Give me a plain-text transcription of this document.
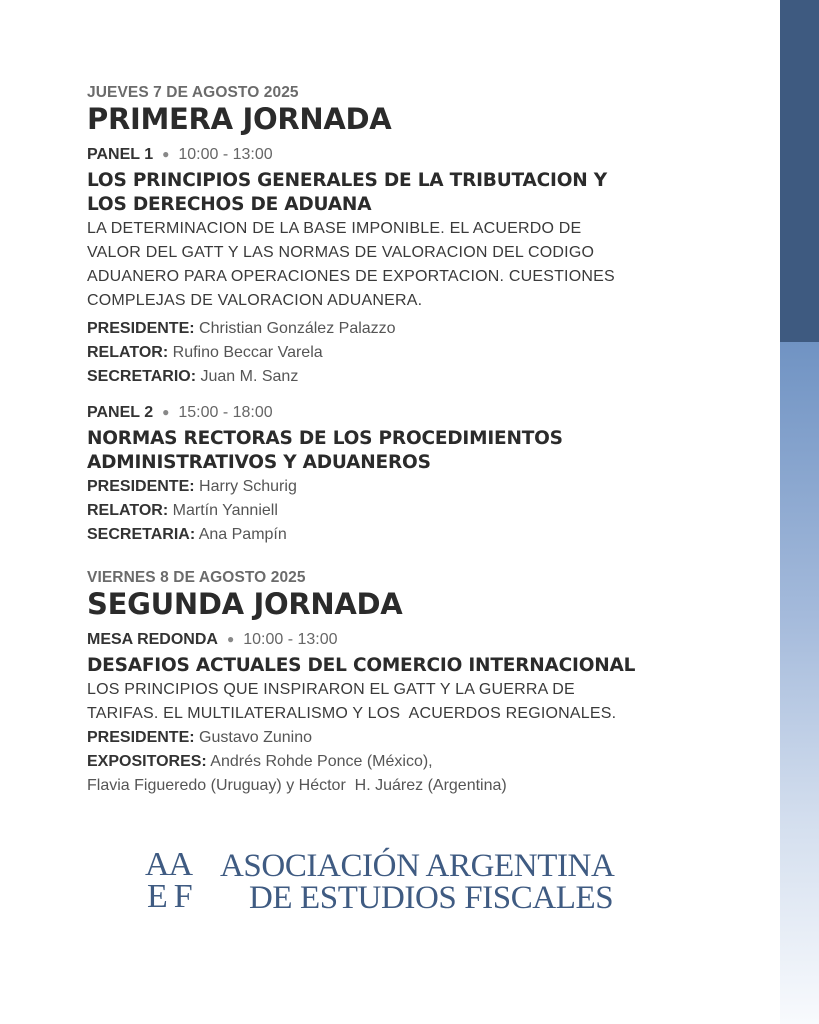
JUEVES 7 DE AGOSTO 2025
PRIMERA JORNADA
PANEL 1 ● 10:00 - 13:00
LOS PRINCIPIOS GENERALES DE LA TRIBUTACION Y
LOS DERECHOS DE ADUANA
LA DETERMINACION DE LA BASE IMPONIBLE. EL ACUERDO DE
VALOR DEL GATT Y LAS NORMAS DE VALORACION DEL CODIGO
ADUANERO PARA OPERACIONES DE EXPORTACION. CUESTIONES
COMPLEJAS DE VALORACION ADUANERA.
PRESIDENTE: Christian González Palazzo
RELATOR: Rufino Beccar Varela
SECRETARIO: Juan M. Sanz
PANEL 2 ● 15:00 - 18:00
NORMAS RECTORAS DE LOS PROCEDIMIENTOS
ADMINISTRATIVOS Y ADUANEROS
PRESIDENTE: Harry Schurig
RELATOR: Martín Yanniell
SECRETARIA: Ana Pampín
VIERNES 8 DE AGOSTO 2025
SEGUNDA JORNADA
MESA REDONDA ● 10:00 - 13:00
DESAFIOS ACTUALES DEL COMERCIO INTERNACIONAL
LOS PRINCIPIOS QUE INSPIRARON EL GATT Y LA GUERRA DE
TARIFAS. EL MULTILATERALISMO Y LOS  ACUERDOS REGIONALES.
PRESIDENTE: Gustavo Zunino
EXPOSITORES: Andrés Rohde Ponce (México),
Flavia Figueredo (Uruguay) y Héctor  H. Juárez (Argentina)
AA
EF
ASOCIACIÓN ARGENTINA
DE ESTUDIOS FISCALES
